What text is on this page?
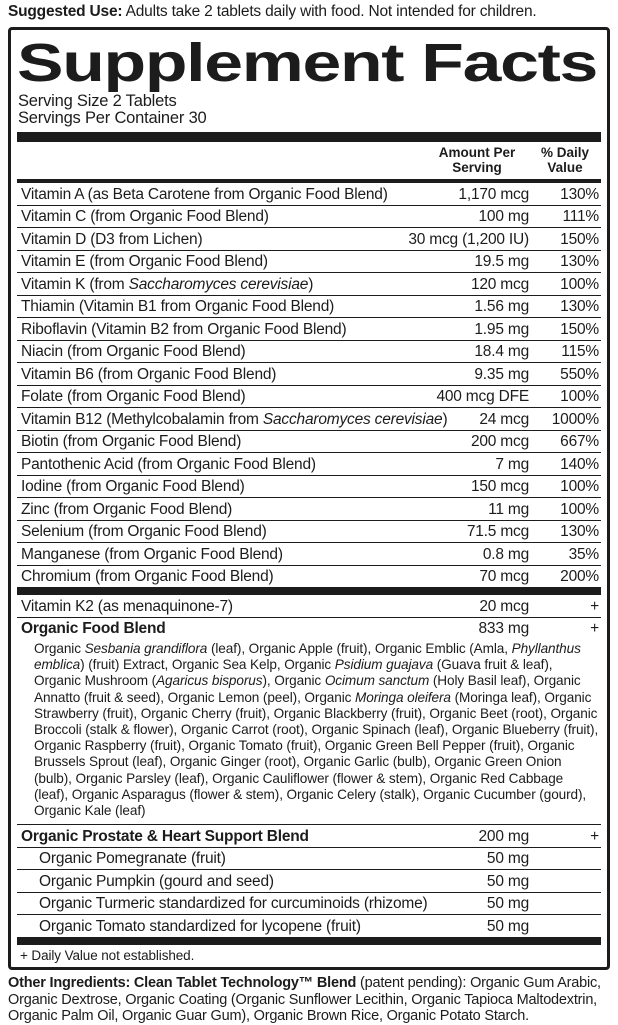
Suggested Use: Adults take 2 tablets daily with food. Not intended for children.

Supplement Facts
Serving Size 2 Tablets
Servings Per Container 30
Amount Per Serving
% Daily Value
Vitamin A (as Beta Carotene from Organic Food Blend)	1,170 mcg	130%
Vitamin C (from Organic Food Blend)	100 mg	111%
Vitamin D (D3 from Lichen)	30 mcg (1,200 IU)	150%
Vitamin E (from Organic Food Blend)	19.5 mg	130%
Vitamin K (from Saccharomyces cerevisiae)	120 mcg	100%
Thiamin (Vitamin B1 from Organic Food Blend)	1.56 mg	130%
Riboflavin (Vitamin B2 from Organic Food Blend)	1.95 mg	150%
Niacin (from Organic Food Blend)	18.4 mg	115%
Vitamin B6 (from Organic Food Blend)	9.35 mg	550%
Folate (from Organic Food Blend)	400 mcg DFE	100%
Vitamin B12 (Methylcobalamin from Saccharomyces cerevisiae)	24 mcg	1000%
Biotin (from Organic Food Blend)	200 mcg	667%
Pantothenic Acid (from Organic Food Blend)	7 mg	140%
Iodine (from Organic Food Blend)	150 mcg	100%
Zinc (from Organic Food Blend)	11 mg	100%
Selenium (from Organic Food Blend)	71.5 mcg	130%
Manganese (from Organic Food Blend)	0.8 mg	35%
Chromium (from Organic Food Blend)	70 mcg	200%
Vitamin K2 (as menaquinone-7)	20 mcg	+
Organic Food Blend	833 mg	+
Organic Sesbania grandiflora (leaf), Organic Apple (fruit), Organic Emblic (Amla, Phyllanthus emblica) (fruit) Extract, Organic Sea Kelp, Organic Psidium guajava (Guava fruit & leaf), Organic Mushroom (Agaricus bisporus), Organic Ocimum sanctum (Holy Basil leaf), Organic Annatto (fruit & seed), Organic Lemon (peel), Organic Moringa oleifera (Moringa leaf), Organic Strawberry (fruit), Organic Cherry (fruit), Organic Blackberry (fruit), Organic Beet (root), Organic Broccoli (stalk & flower), Organic Carrot (root), Organic Spinach (leaf), Organic Blueberry (fruit), Organic Raspberry (fruit), Organic Tomato (fruit), Organic Green Bell Pepper (fruit), Organic Brussels Sprout (leaf), Organic Ginger (root), Organic Garlic (bulb), Organic Green Onion (bulb), Organic Parsley (leaf), Organic Cauliflower (flower & stem), Organic Red Cabbage (leaf), Organic Asparagus (flower & stem), Organic Celery (stalk), Organic Cucumber (gourd), Organic Kale (leaf)
Organic Prostate & Heart Support Blend	200 mg	+
Organic Pomegranate (fruit)	50 mg
Organic Pumpkin (gourd and seed)	50 mg
Organic Turmeric standardized for curcuminoids (rhizome)	50 mg
Organic Tomato standardized for lycopene (fruit)	50 mg
+ Daily Value not established.

Other Ingredients: Clean Tablet Technology™ Blend (patent pending): Organic Gum Arabic, Organic Dextrose, Organic Coating (Organic Sunflower Lecithin, Organic Tapioca Maltodextrin, Organic Palm Oil, Organic Guar Gum), Organic Brown Rice, Organic Potato Starch.
